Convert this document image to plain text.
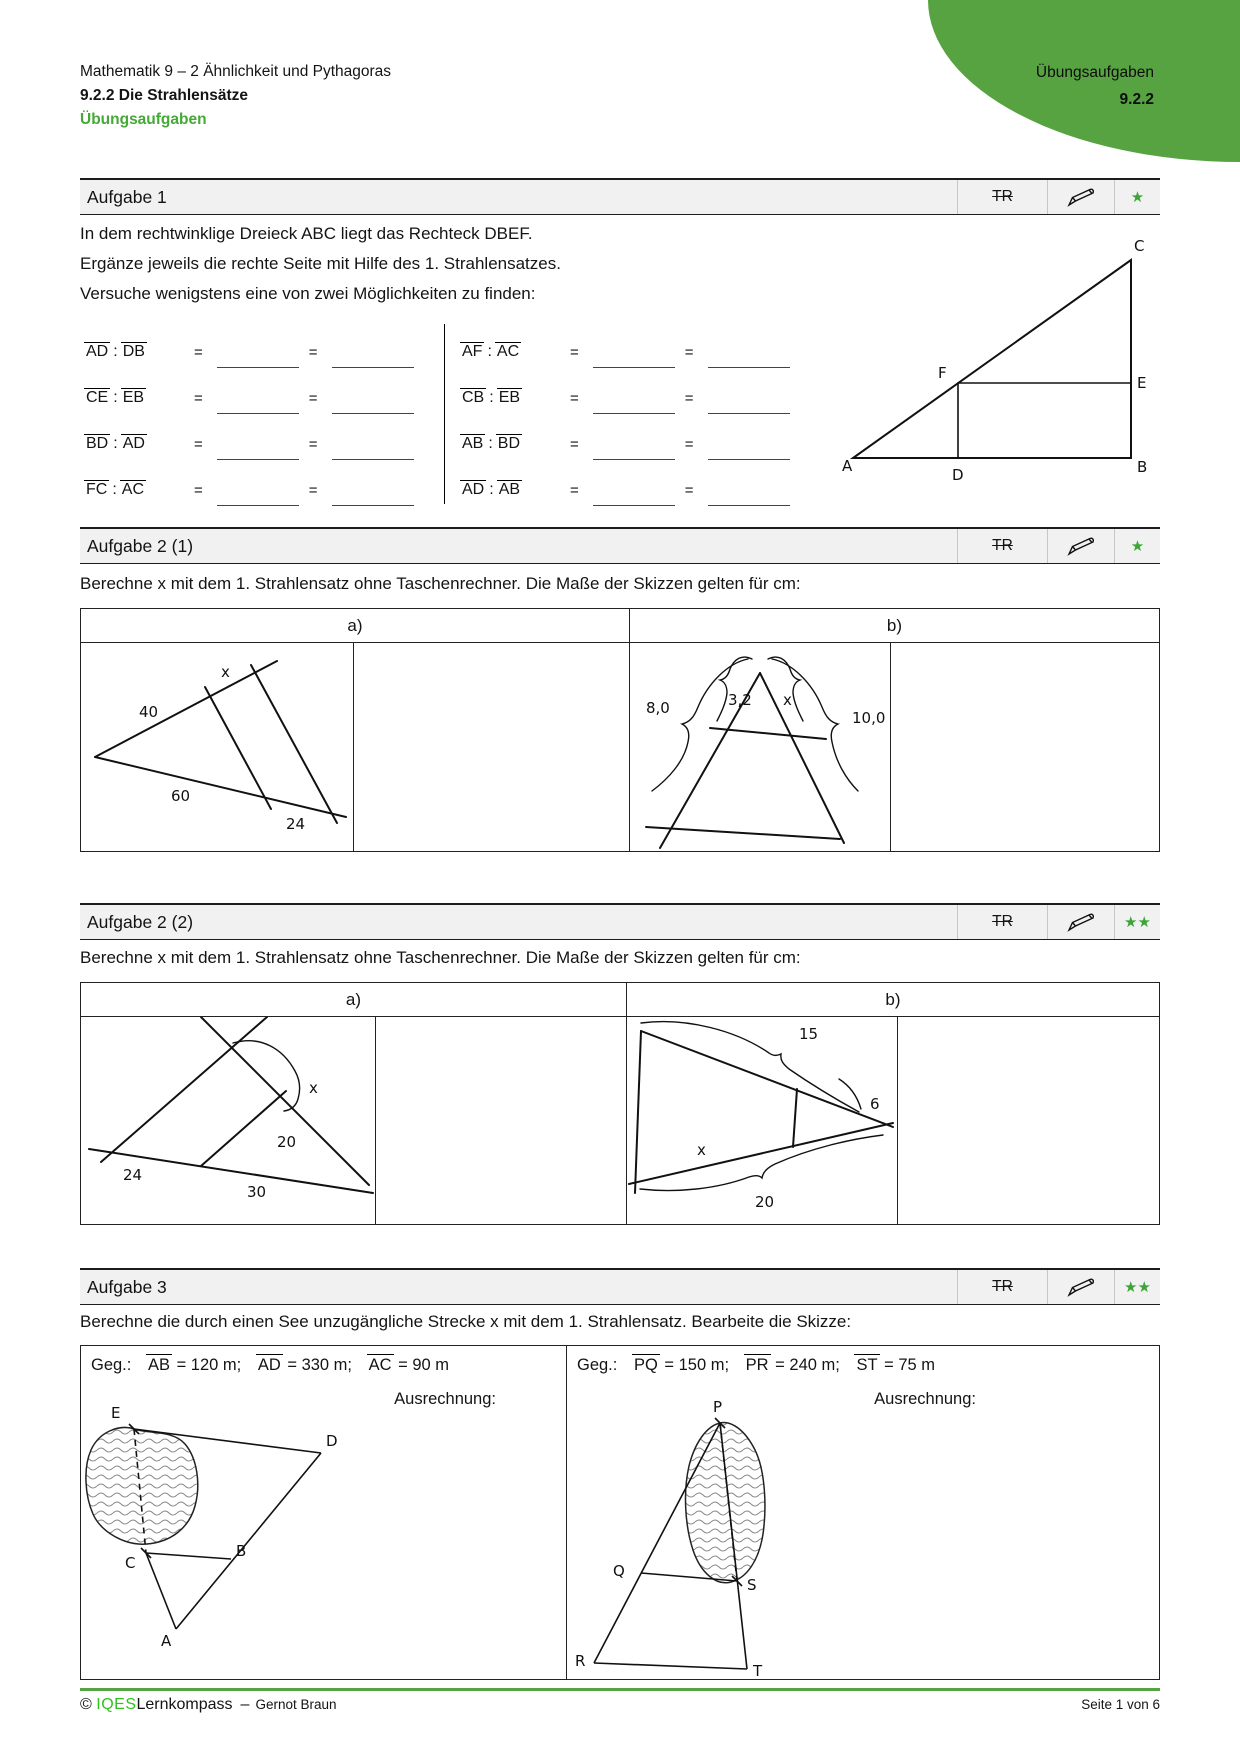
Übungsaufgaben
9.2.2
Mathematik 9 – 2 Ähnlichkeit und Pythagoras
9.2.2 Die Strahlensätze
Übungsaufgaben
Aufgabe 1	TR	★
In dem rechtwinklige Dreieck ABC liegt das Rechteck DBEF.
Ergänze jeweils die rechte Seite mit Hilfe des 1. Strahlensatzes.
Versuche wenigstens eine von zwei Möglichkeiten zu finden:
AD : DB	=	=
CE : EB	=	=
BD : AD	=	=
FC : AC	=	=
AF : AC	=	=
CB : EB	=	=
AB : BD	=	=
AD : AB	=	=
A	D	B
E
F
C
Aufgabe 2 (1)	TR	★
Berechne x mit dem 1. Strahlensatz ohne Taschenrechner. Die Maße der Skizzen gelten für cm:
a)	b)
40
x
60
24
8,0	3,2 x
10,0
Aufgabe 2 (2)	TR	★★
Berechne x mit dem 1. Strahlensatz ohne Taschenrechner. Die Maße der Skizzen gelten für cm:
a)	b)
x
20
24
30
15
6
x
20
Aufgabe 3	TR	★★
Berechne die durch einen See unzugängliche Strecke x mit dem 1. Strahlensatz. Bearbeite die Skizze:
Geg.: AB = 120 m; AD = 330 m; AC = 90 m
Ausrechnung:
E
D
C
B
A
Geg.: PQ = 150 m; PR = 240 m; ST = 75 m
Ausrechnung:
P
Q
S
R
T
©
IQES Lernkompass – Gernot Braun	Seite 1 von 6
